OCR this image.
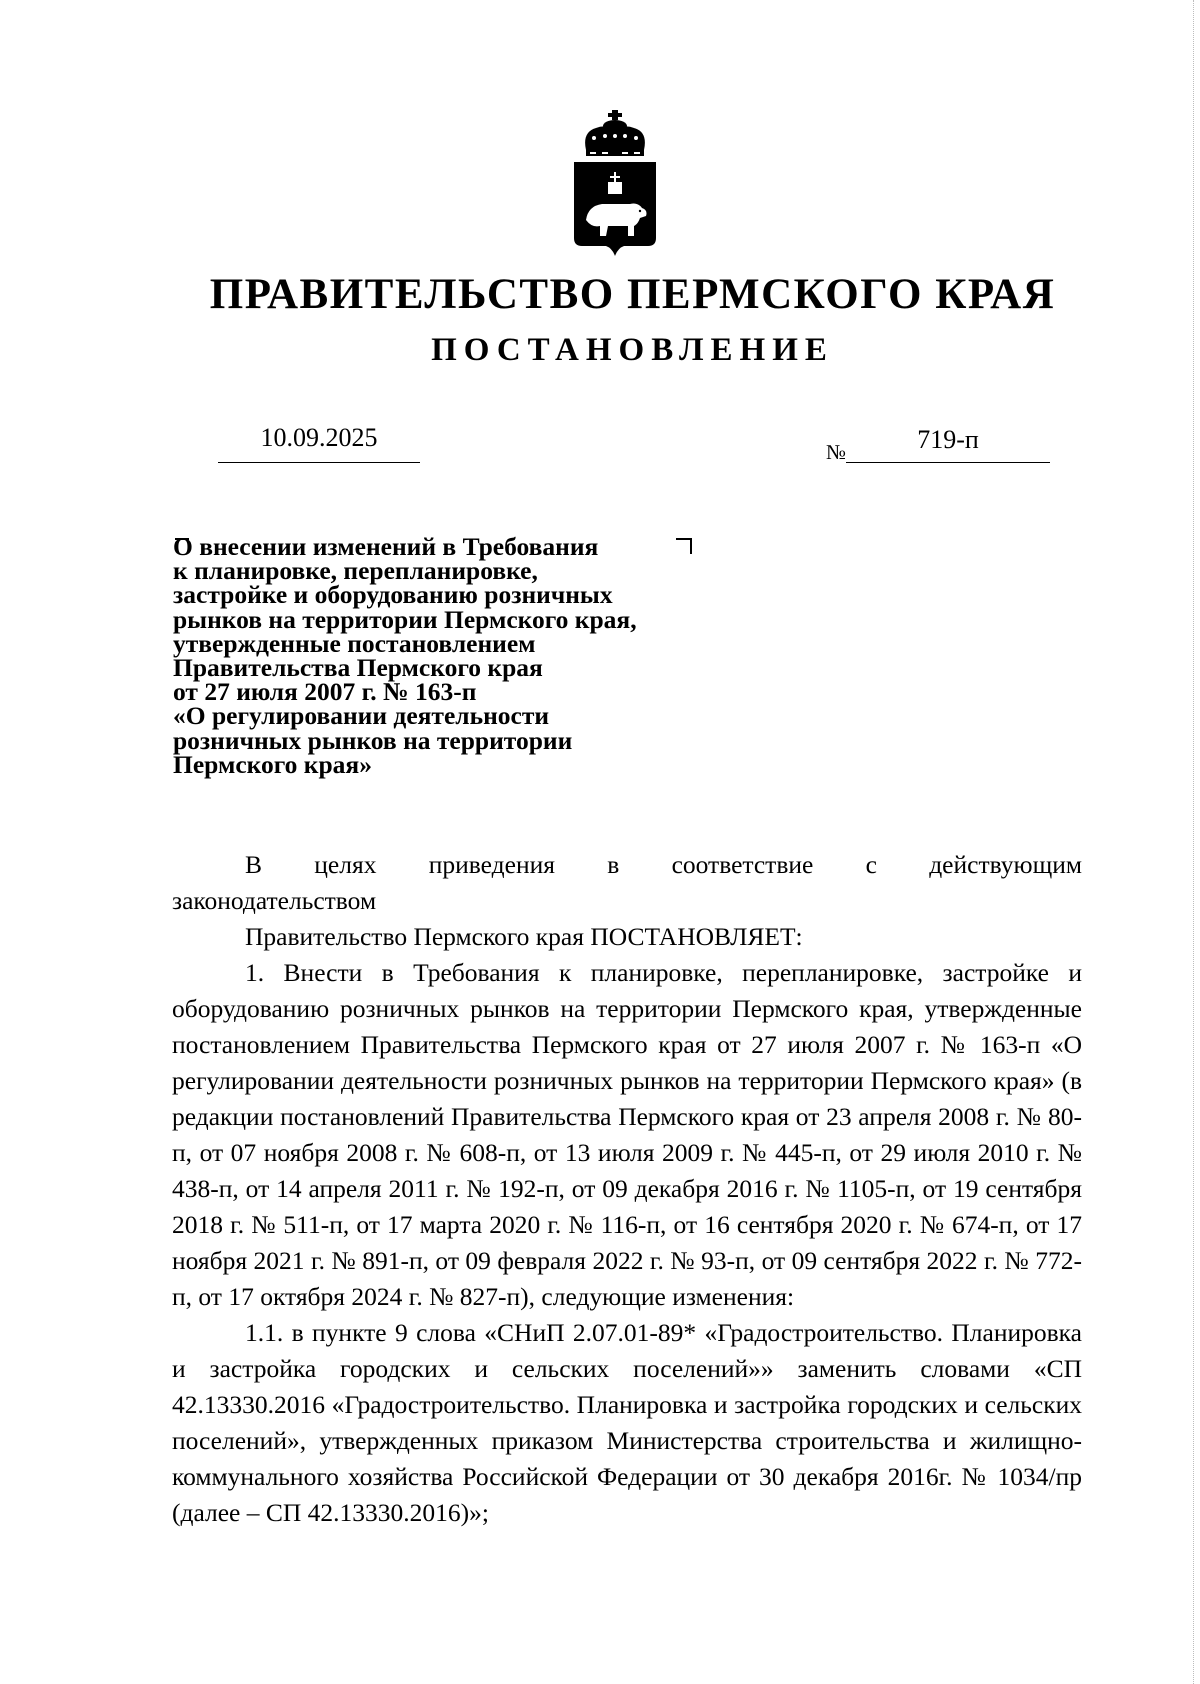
ПРАВИТЕЛЬСТВО ПЕРМСКОГО КРАЯ
ПОСТАНОВЛЕНИЕ
10.09.2025	№	719-п
О внесении изменений в Требования
к планировке, перепланировке,
застройке и оборудованию розничных
рынков на территории Пермского края,
утвержденные постановлением
Правительства Пермского края
от 27 июля 2007 г. № 163-п
«О регулировании деятельности
розничных рынков на территории
Пермского края»

В целях приведения в соответствие с действующим

законодательством

Правительство Пермского края ПОСТАНОВЛЯЕТ:

1. Внести в Требования к планировке, перепланировке, застройке и оборудованию розничных рынков на территории Пермского края, утвержденные постановлением Правительства Пермского края от 27 июля 2007 г. № 163-п «О регулировании деятельности розничных рынков на территории Пермского края» (в редакции постановлений Правительства Пермского края от 23 апреля 2008 г. № 80-п, от 07 ноября 2008 г. № 608-п, от 13 июля 2009 г. № 445-п, от 29 июля 2010 г. № 438-п, от 14 апреля 2011 г. № 192-п, от 09 декабря 2016 г. № 1105-п, от 19 сентября 2018 г. № 511-п, от 17 марта 2020 г. № 116-п, от 16 сентября 2020 г. № 674-п, от 17 ноября 2021 г. № 891-п, от 09 февраля 2022 г. № 93-п, от 09 сентября 2022 г. № 772-п, от 17 октября 2024 г. № 827-п), следующие изменения:

1.1. в пункте 9 слова «СНиП 2.07.01-89* «Градостроительство. Планировка и застройка городских и сельских поселений»» заменить словами «СП 42.13330.2016 «Градостроительство. Планировка и застройка городских и сельских поселений», утвержденных приказом Министерства строительства и жилищно-коммунального хозяйства Российской Федерации от 30 декабря 2016г. № 1034/пр (далее – СП 42.13330.2016)»;
